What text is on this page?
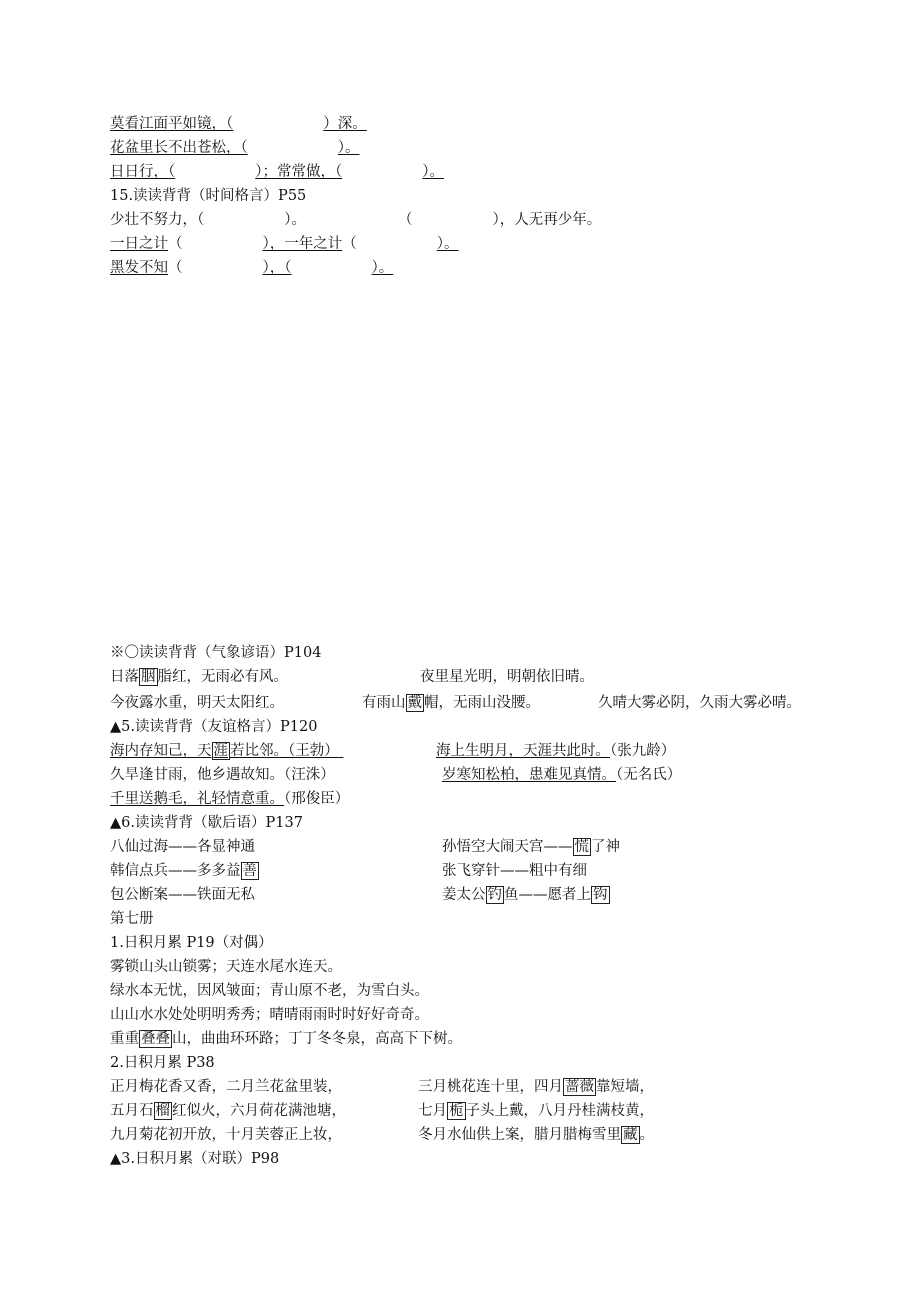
莫看江面平如镜，（	）深。
花盆里长不出苍松，（	）。
日日行，（	）；常常做，（	）。
15.读读背背（时间格言）P55
少壮不努力，（	）。	（	），人无再少年。
一日之计（	），一年之计（	）。
黑发不知（	），（	）。
※〇读读背背（气象谚语）P104
日落 胭 脂红，无雨必有风。	夜里星光明，明朝依旧晴。
今夜露水重，明天太阳红。	有雨山 戴 帽，无雨山没腰。	久晴大雾必阴，久雨大雾必晴。
▲5.读读背背（友谊格言）P120
海内存知己，天 涯 若比邻。（王勃）	海上生明月，天涯共此时。（张九龄）
久旱逢甘雨，他乡遇故知。（汪洙）	岁寒知松柏，患难见真情。（无名氏）
千里送鹅毛，礼轻情意重。（邢俊臣）
▲6.读读背背（歇后语）P137
八仙过海——各显神通	孙悟空大闹天宫—— 慌 了神
韩信点兵——多多益 善	张飞穿针——粗中有细
包公断案——铁面无私	姜太公 钓 鱼——愿者上 钩
第七册
1.日积月累 P19（对偶）
雾锁山头山锁雾；天连水尾水连天。
绿水本无忧，因风皱面；青山原不老，为雪白头。
山山水水处处明明秀秀；晴晴雨雨时时好好奇奇。
重重 叠叠 山，曲曲环环路；丁丁冬冬泉，高高下下树。
2.日积月累 P38
正月梅花香又香，二月兰花盆里装，	三月桃花连十里，四月 蔷薇 靠短墙，
五月石 榴 红似火，六月荷花满池塘，	七月 栀 子头上戴，八月丹桂满枝黄，
九月菊花初开放，十月芙蓉正上妆，	冬月水仙供上案，腊月腊梅雪里 藏 。
▲3.日积月累（对联）P98
